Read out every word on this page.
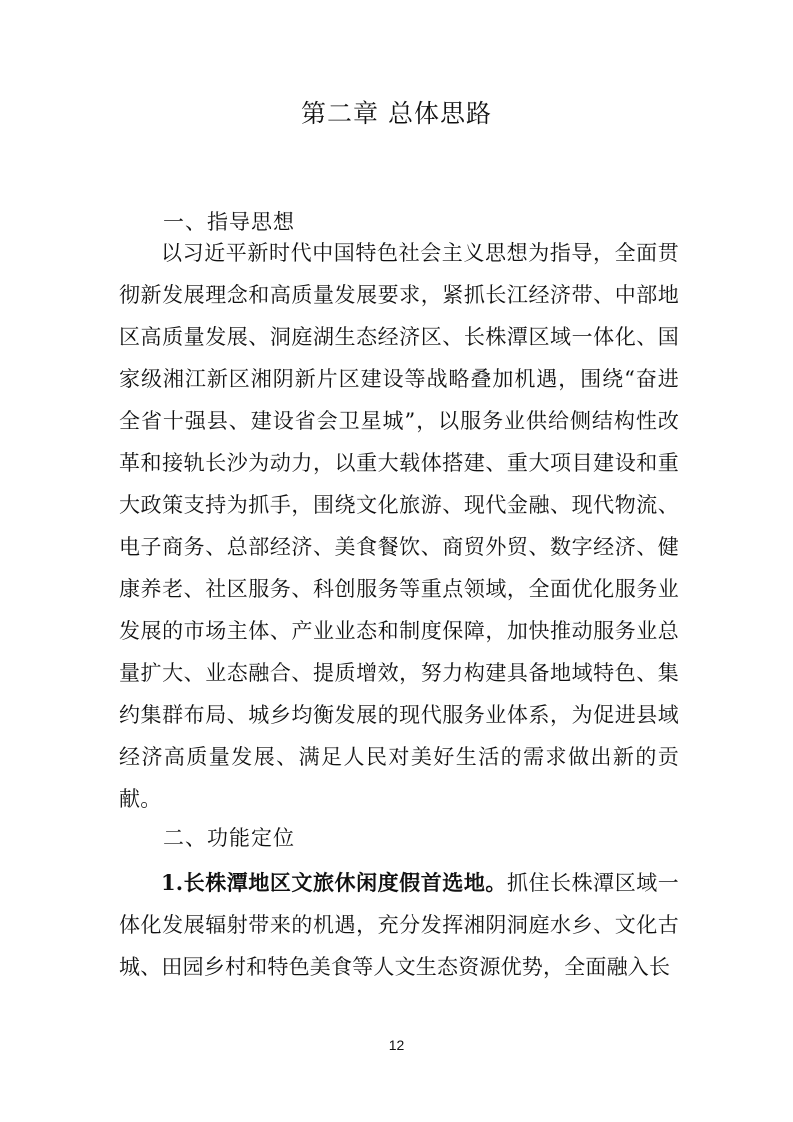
第二章 总体思路
一、指导思想

以习近平新时代中国特色社会主义思想为指导，全面贯彻新发展理念和高质量发展要求，紧抓长江经济带、中部地区高质量发展、洞庭湖生态经济区、长株潭区域一体化、国家级湘江新区湘阴新片区建设等战略叠加机遇，围绕“奋进全省十强县、建设省会卫星城”，以服务业供给侧结构性改革和接轨长沙为动力，以重大载体搭建、重大项目建设和重大政策支持为抓手，围绕文化旅游、现代金融、现代物流、电子商务、总部经济、美食餐饮、商贸外贸、数字经济、健康养老、社区服务、科创服务等重点领域，全面优化服务业发展的市场主体、产业业态和制度保障，加快推动服务业总量扩大、业态融合、提质增效，努力构建具备地域特色、集约集群布局、城乡均衡发展的现代服务业体系，为促进县域经济高质量发展、满足人民对美好生活的需求做出新的贡献。

二、功能定位

1.长株潭地区文旅休闲度假首选地。抓住长株潭区域一体化发展辐射带来的机遇，充分发挥湘阴洞庭水乡、文化古城、田园乡村和特色美食等人文生态资源优势，全面融入长

12
